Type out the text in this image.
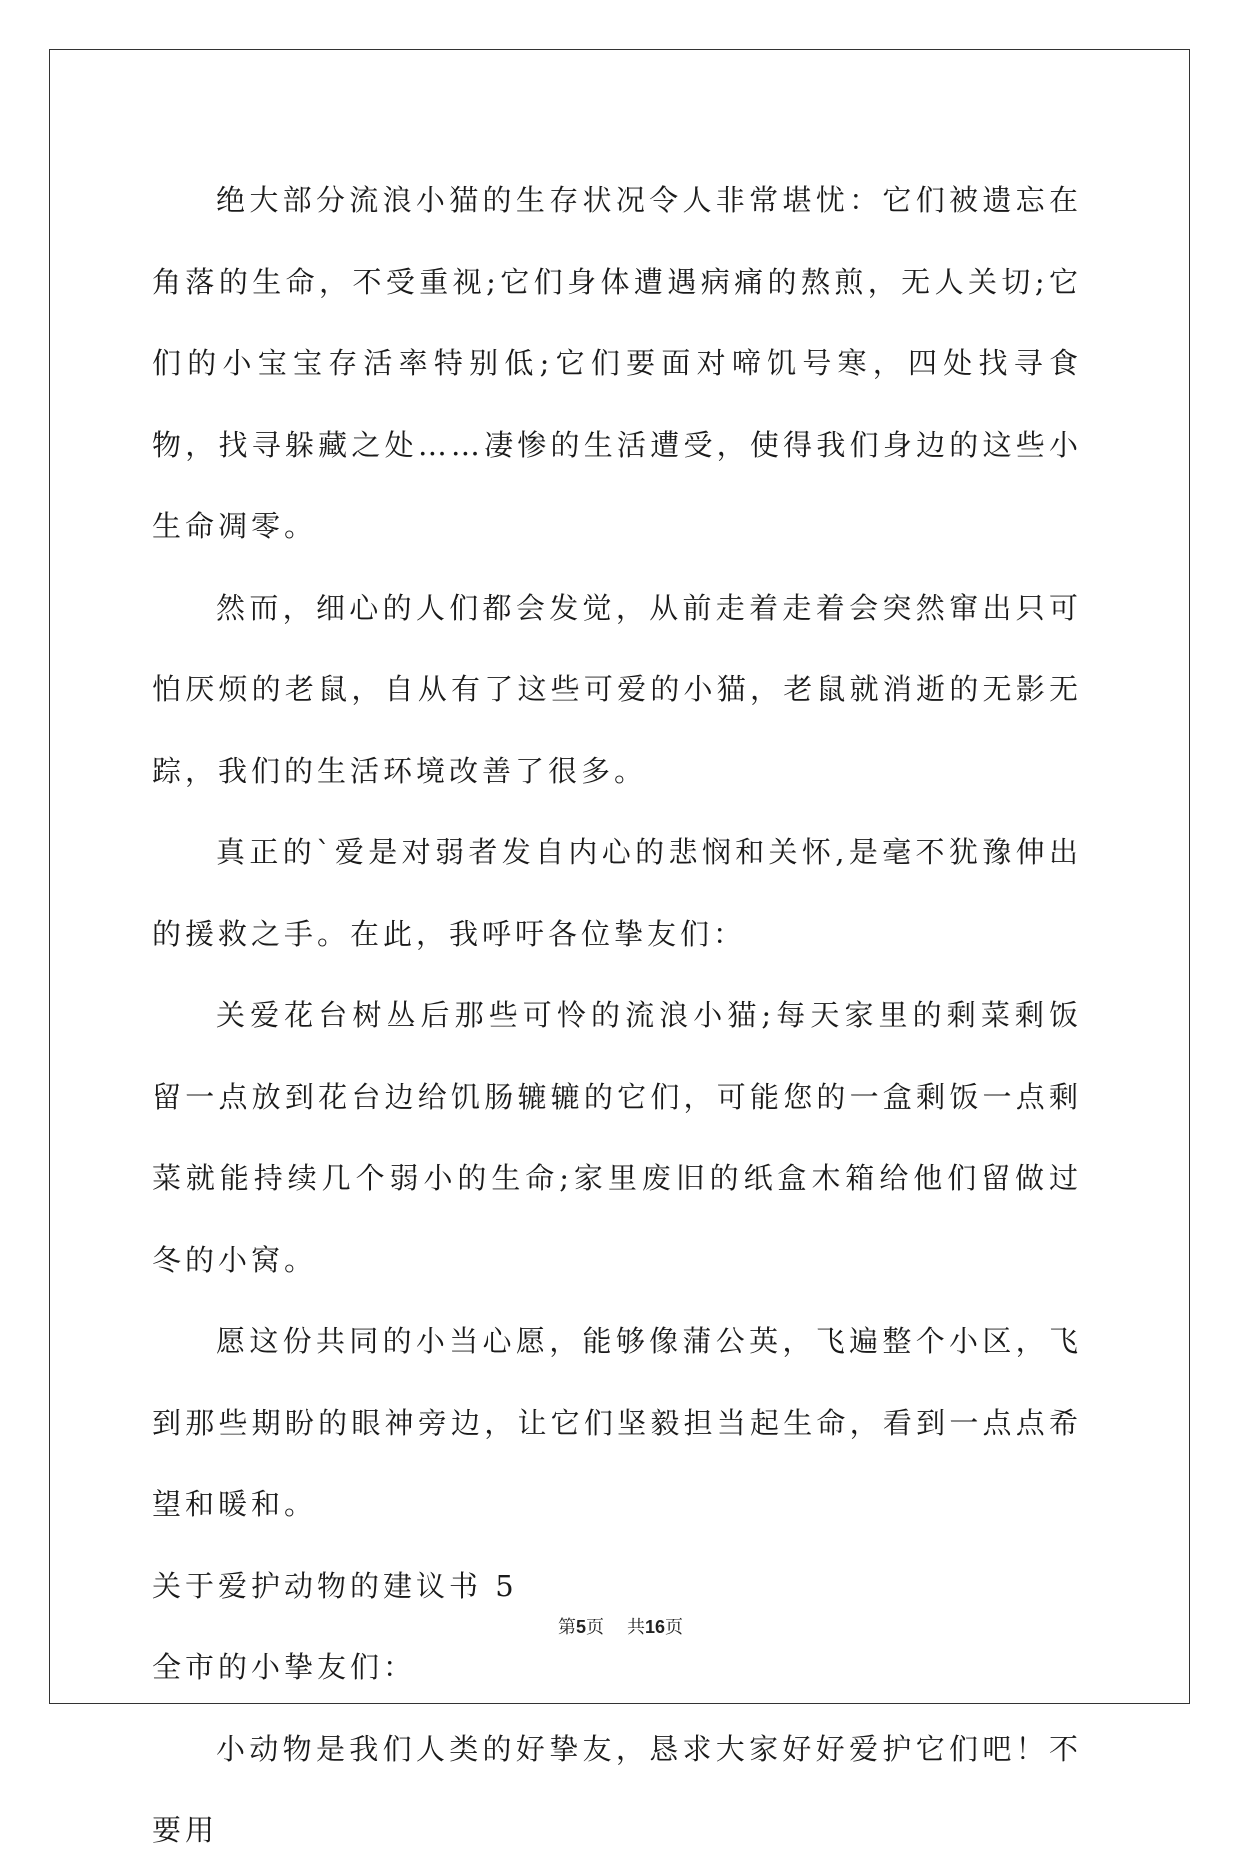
绝大部分流浪小猫的生存状况令人非常堪忧：它们被遗忘在角落的生命，不受重视;它们身体遭遇病痛的熬煎，无人关切;它们的小宝宝存活率特别低;它们要面对啼饥号寒，四处找寻食物，找寻躲藏之处……凄惨的生活遭受，使得我们身边的这些小生命凋零。

然而，细心的人们都会发觉，从前走着走着会突然窜出只可怕厌烦的老鼠，自从有了这些可爱的小猫，老鼠就消逝的无影无踪，我们的生活环境改善了很多。

真正的`爱是对弱者发自内心的悲悯和关怀,是毫不犹豫伸出的援救之手。在此，我呼吁各位挚友们：

关爱花台树丛后那些可怜的流浪小猫;每天家里的剩菜剩饭留一点放到花台边给饥肠辘辘的它们，可能您的一盒剩饭一点剩菜就能持续几个弱小的生命;家里废旧的纸盒木箱给他们留做过冬的小窝。

愿这份共同的小当心愿，能够像蒲公英，飞遍整个小区，飞到那些期盼的眼神旁边，让它们坚毅担当起生命，看到一点点希望和暖和。

关于爱护动物的建议书 5

全市的小挚友们：

小动物是我们人类的好挚友，恳求大家好好爱护它们吧！不要用

第5页 共16页
